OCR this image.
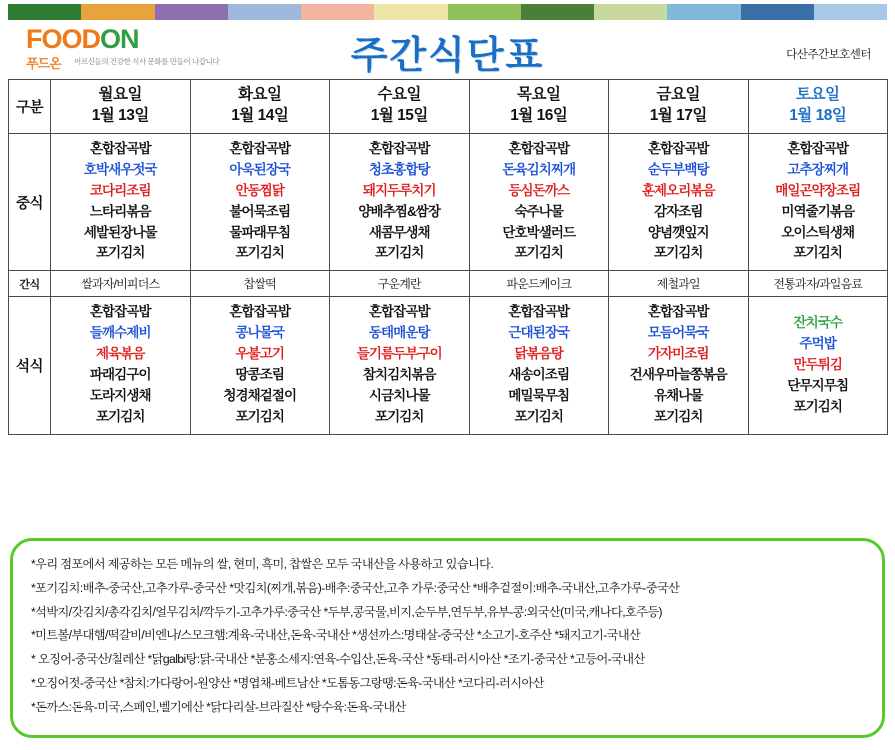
FOODON
푸드온	어르신들의 건강한 식사 문화를 만들어 나갑니다	주간식단표	다산주간보호센터
구분	
월요일
1월 13일

화요일
1월 14일

수요일
1월 15일

목요일
1월 16일

금요일
1월 17일

토요일
1월 18일

중식	
혼합잡곡밥
호박새우젓국
코다리조림
느타리볶음
세발된장나물
포기김치

혼합잡곡밥
아욱된장국
안동찜닭
불어묵조림
물파래무침
포기김치

혼합잡곡밥
청초홍합탕
돼지두루치기
양배추찜&쌈장
새콤무생채
포기김치

혼합잡곡밥
돈육김치찌개
등심돈까스
숙주나물
단호박샐러드
포기김치

혼합잡곡밥
순두부백탕
훈제오리볶음
감자조림
양념깻잎지
포기김치

혼합잡곡밥
고추장찌개
매일곤약장조림
미역줄기볶음
오이스틱생채
포기김치

간식	쌀과자/비피더스	찹쌀떡	구운계란	파운드케이크	제철과일	전통과자/과일음료

석식	
혼합잡곡밥
들깨수제비
제육볶음
파래김구이
도라지생채
포기김치

혼합잡곡밥
콩나물국
우불고기
땅콩조림
청경채겉절이
포기김치

혼합잡곡밥
동태매운탕
들기름두부구이
참치김치볶음
시금치나물
포기김치

혼합잡곡밥
근대된장국
닭볶음탕
새송이조림
메밀묵무침
포기김치

혼합잡곡밥
모듬어묵국
가자미조림
건새우마늘쫑볶음
유채나물
포기김치

잔치국수
주먹밥
만두튀김
단무지무침
포기김치
*우리 점포에서 제공하는 모든 메뉴의 쌀, 현미, 흑미, 찹쌀은 모두 국내산을 사용하고 있습니다.
*포기김치:배추-중국산,고추가루-중국산 *맛김치(찌개,볶음)-배추:중국산,고추 가루:중국산 *배추겉절이:배추-국내산,고추가루-중국산
*석박지/갓김치/총각김치/얼무김치/깍두기-고추가루:중국산 *두부,콩국물,비지,순두부,연두부,유부-콩:외국산(미국,캐나다,호주등)
*미트볼/부대햄/떡갈비/비엔나/스모크햄:계육-국내산,돈육-국내산 *생선까스:명태살-중국산 *소고기-호주산 *돼지고기-국내산
* 오징어-중국산/칠레산 *닭galbi탕:닭-국내산 *분홍소세지:연육-수입산,돈육-국산 *동태-러시아산 *조기-중국산 *고등어-국내산
*오징어젓-중국산 *참치:가다랑어-원양산 *명엽채-베트남산 *도톰동그랑땡:돈육-국내산 *코다리-러시아산
*돈까스:돈육-미국,스페인,벨기에산 *닭다리살-브라질산 *탕수육:돈육-국내산
